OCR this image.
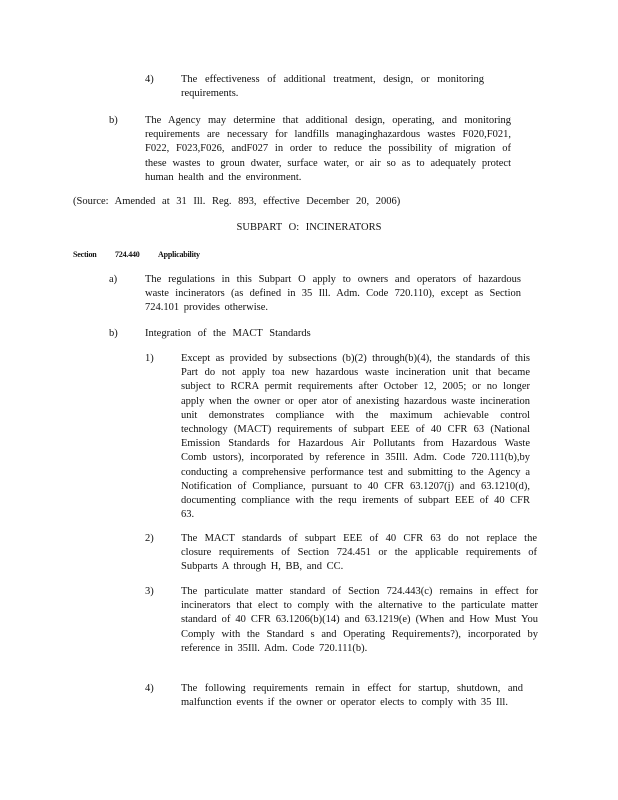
4)	The effectiveness of additional treatment, design, or monitoring requirements.
b)	The Agency may determine that additional design, operating, and monitoring requirements are necessary for landfills managinghazardous wastes F020,F021, F022, F023,F026, andF027 in order to reduce the possibility of migration of these wastes to groun dwater, surface water, or air so as to adequately protect human health and the environment.
(Source: Amended at 31 Ill. Reg. 893, effective December 20, 2006)
SUBPART O: INCINERATORS
Section 724.440 Applicability
a)	The regulations in this Subpart O apply to owners and operators of hazardous waste incinerators (as defined in 35 Ill. Adm. Code 720.110), except as Section 724.101 provides otherwise.
b)	Integration of the MACT Standards
1)	Except as provided by subsections (b)(2) through(b)(4), the standards of this Part do not apply toa new hazardous waste incineration unit that became subject to RCRA permit requirements after October 12, 2005; or no longer apply when the owner or oper ator of anexisting hazardous waste incineration unit demonstrates compliance with the maximum achievable control technology (MACT) requirements of subpart EEE of 40 CFR 63 (National Emission Standards for Hazardous Air Pollutants from Hazardous Waste Comb ustors), incorporated by reference in 35Ill. Adm. Code 720.111(b),by conducting a comprehensive performance test and submitting to the Agency a Notification of Compliance, pursuant to 40 CFR 63.1207(j) and 63.1210(d), documenting compliance with the requ irements of subpart EEE of 40 CFR 63.
2)	The MACT standards of subpart EEE of 40 CFR 63 do not replace the closure requirements of Section 724.451 or the applicable requirements of Subparts A through H, BB, and CC.
3)	The particulate matter standard of Section 724.443(c) remains in effect for incinerators that elect to comply with the alternative to the particulate matter standard of 40 CFR 63.1206(b)(14) and 63.1219(e) (When and How Must You Comply with the Standard s and Operating Requirements?), incorporated by reference in 35Ill. Adm. Code 720.111(b).
4)	The following requirements remain in effect for startup, shutdown, and malfunction events if the owner or operator elects to comply with 35 Ill.
